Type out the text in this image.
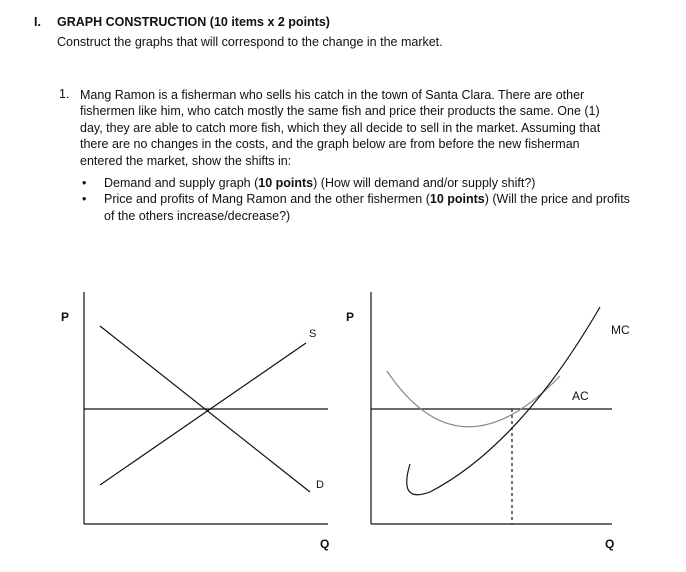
I. GRAPH CONSTRUCTION (10 items x 2 points)
Construct the graphs that will correspond to the change in the market.
1. Mang Ramon is a fisherman who sells his catch in the town of Santa Clara. There are other
fishermen like him, who catch mostly the same fish and price their products the same. One (1)
day, they are able to catch more fish, which they all decide to sell in the market. Assuming that
there are no changes in the costs, and the graph below are from before the new fisherman
entered the market, show the shifts in:
• Demand and supply graph (10 points) (How will demand and/or supply shift?)
• Price and profits of Mang Ramon and the other fishermen (10 points) (Will the price and profits of the others increase/decrease?)
P
Q
S
D
P
Q
MC
AC
